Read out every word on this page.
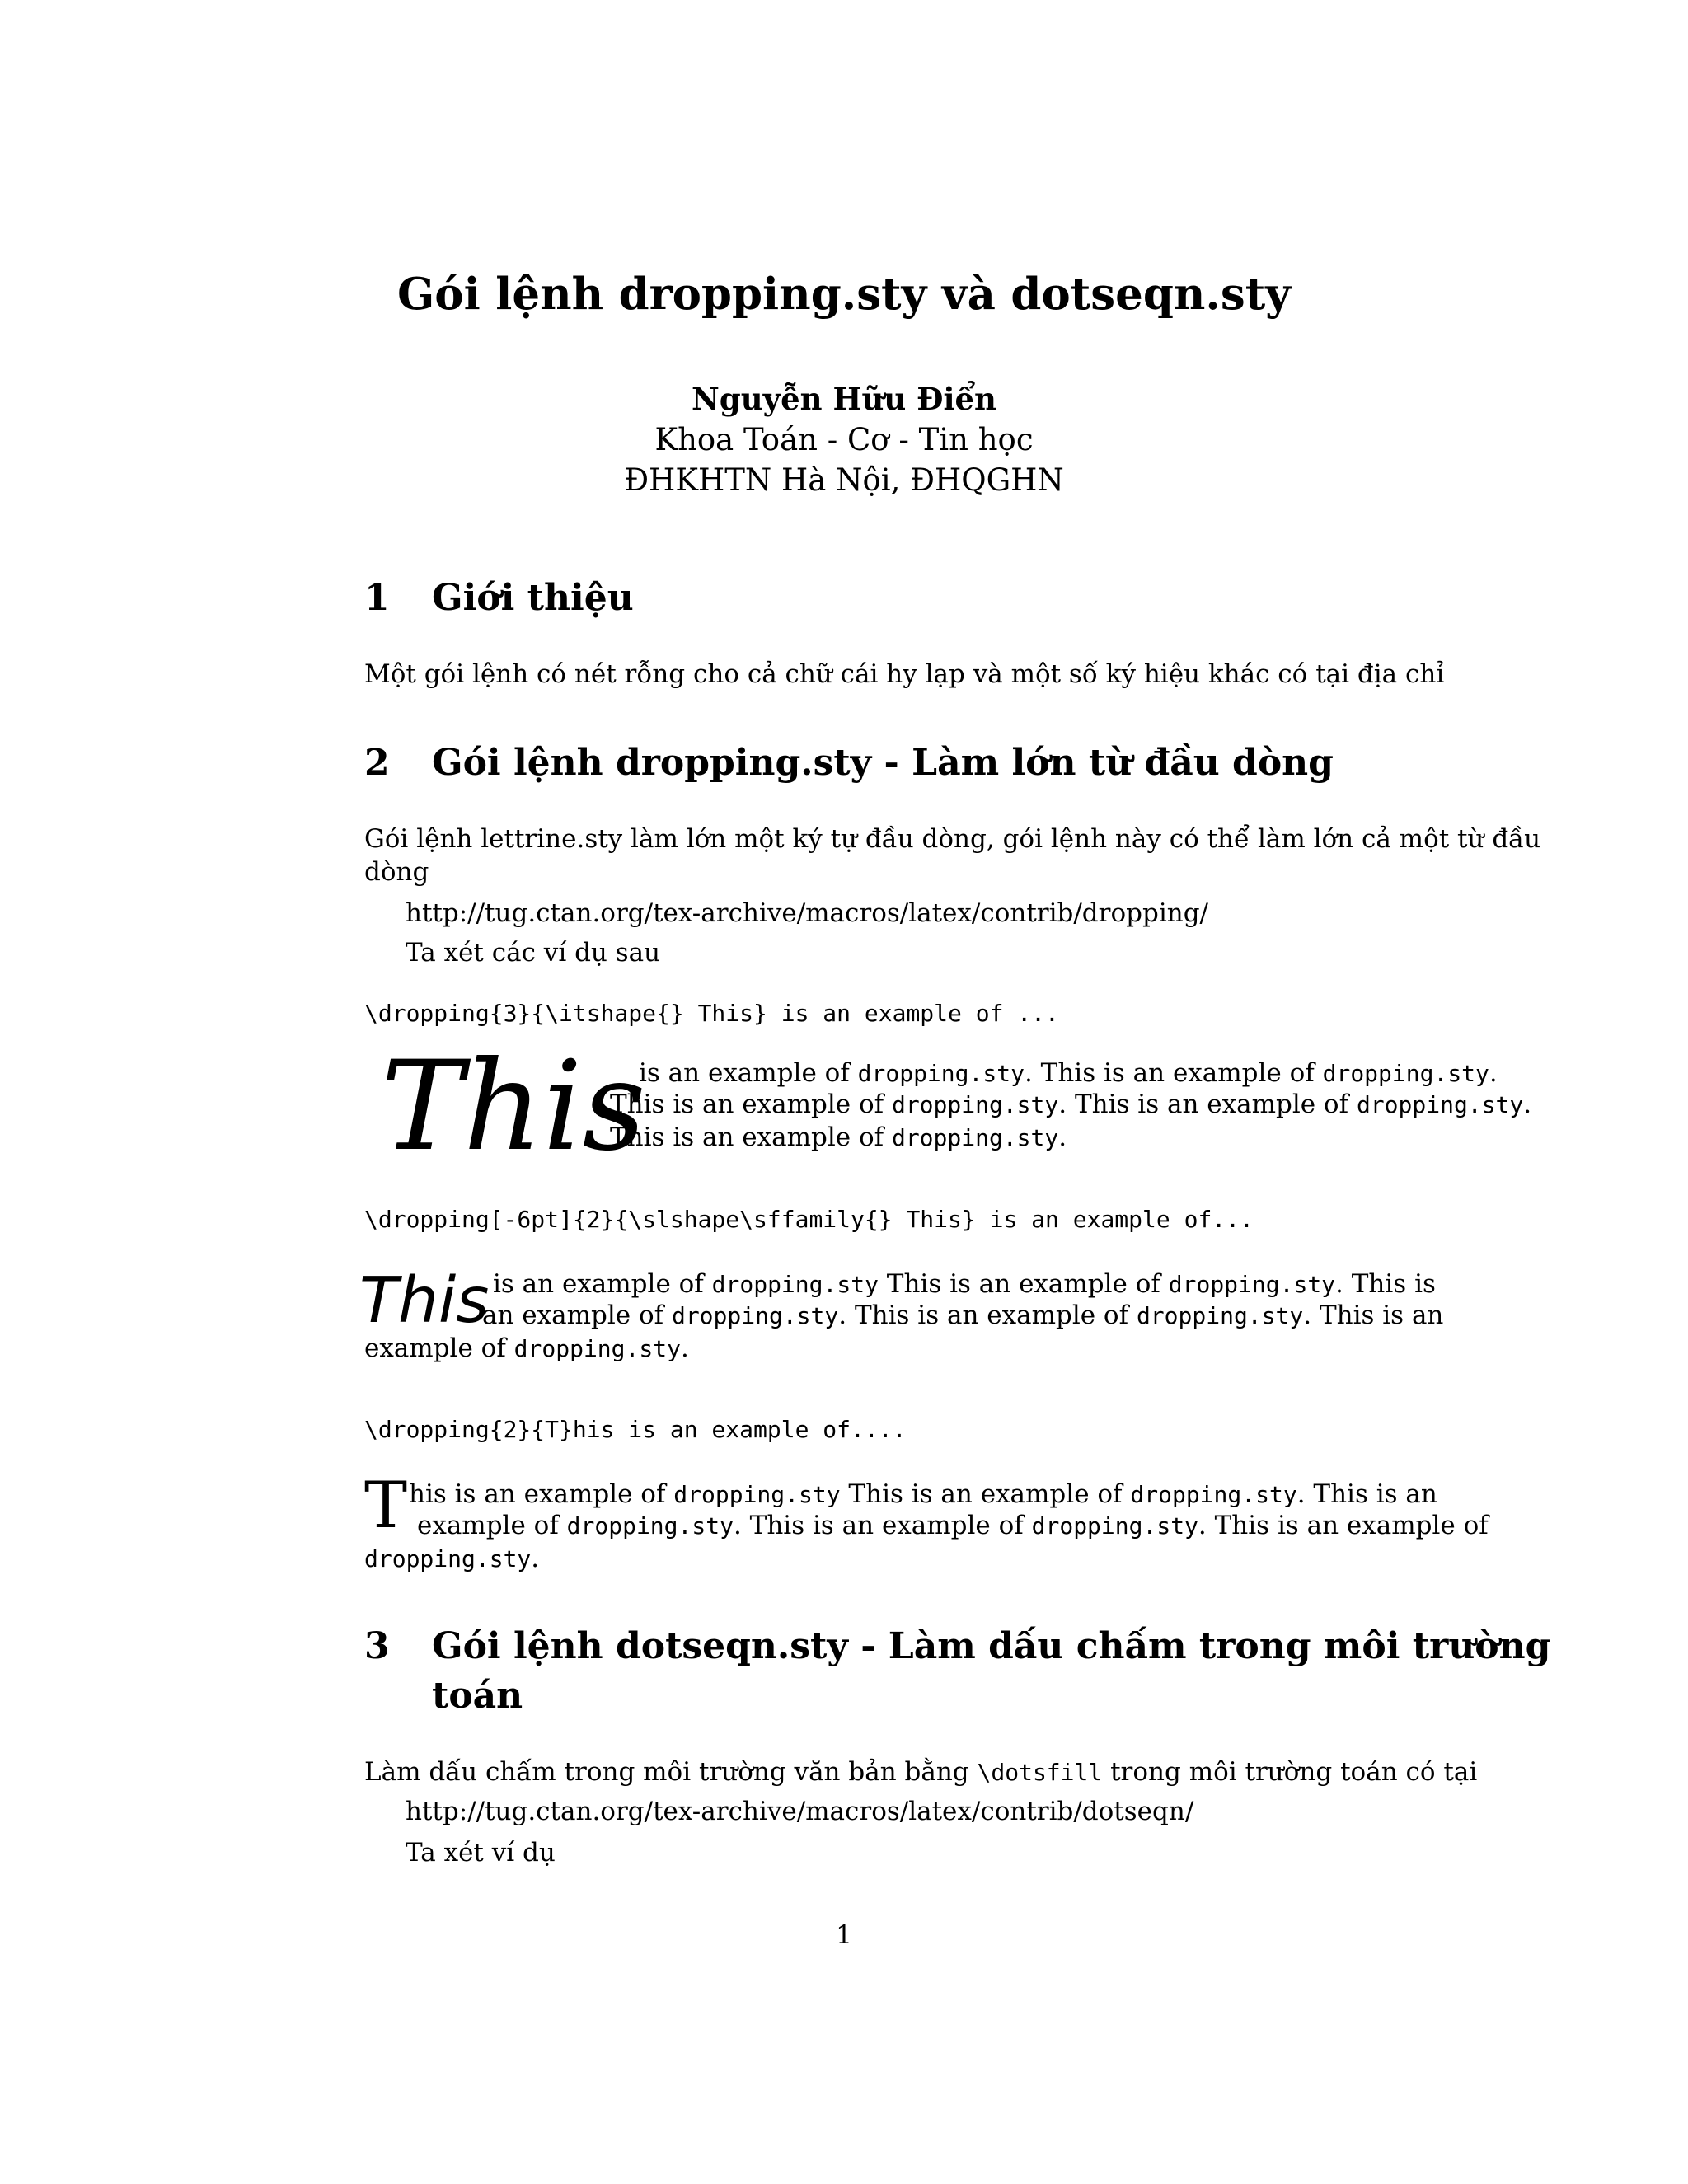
Gói lệnh dropping.sty và dotseqn.sty
Nguyễn Hữu Điển
Khoa Toán - Cơ - Tin học
ĐHKHTN Hà Nội, ĐHQGHN
1 Giới thiệu
Một gói lệnh có nét rỗng cho cả chữ cái hy lạp và một số ký hiệu khác có tại địa chỉ
2 Gói lệnh dropping.sty - Làm lớn từ đầu dòng
Gói lệnh lettrine.sty làm lớn một ký tự đầu dòng, gói lệnh này có thể làm lớn cả một từ đầu
dòng
http://tug.ctan.org/tex-archive/macros/latex/contrib/dropping/
Ta xét các ví dụ sau
\dropping{3}{\itshape{} This} is an example of ...
This
is an example of dropping.sty. This is an example of dropping.sty.
This is an example of dropping.sty. This is an example of dropping.sty.
This is an example of dropping.sty.
\dropping[-6pt]{2}{\slshape\sffamily{} This} is an example of...
This is an example of dropping.sty This is an example of dropping.sty. This is
an example of dropping.sty. This is an example of dropping.sty. This is an
example of dropping.sty.
\dropping{2}{T}his is an example of....
T his is an example of dropping.sty This is an example of dropping.sty. This is an
example of dropping.sty. This is an example of dropping.sty. This is an example of
dropping.sty.
3 Gói lệnh dotseqn.sty - Làm dấu chấm trong môi trường
toán
Làm dấu chấm trong môi trường văn bản bằng \dotsfill trong môi trường toán có tại
http://tug.ctan.org/tex-archive/macros/latex/contrib/dotseqn/
Ta xét ví dụ
1
